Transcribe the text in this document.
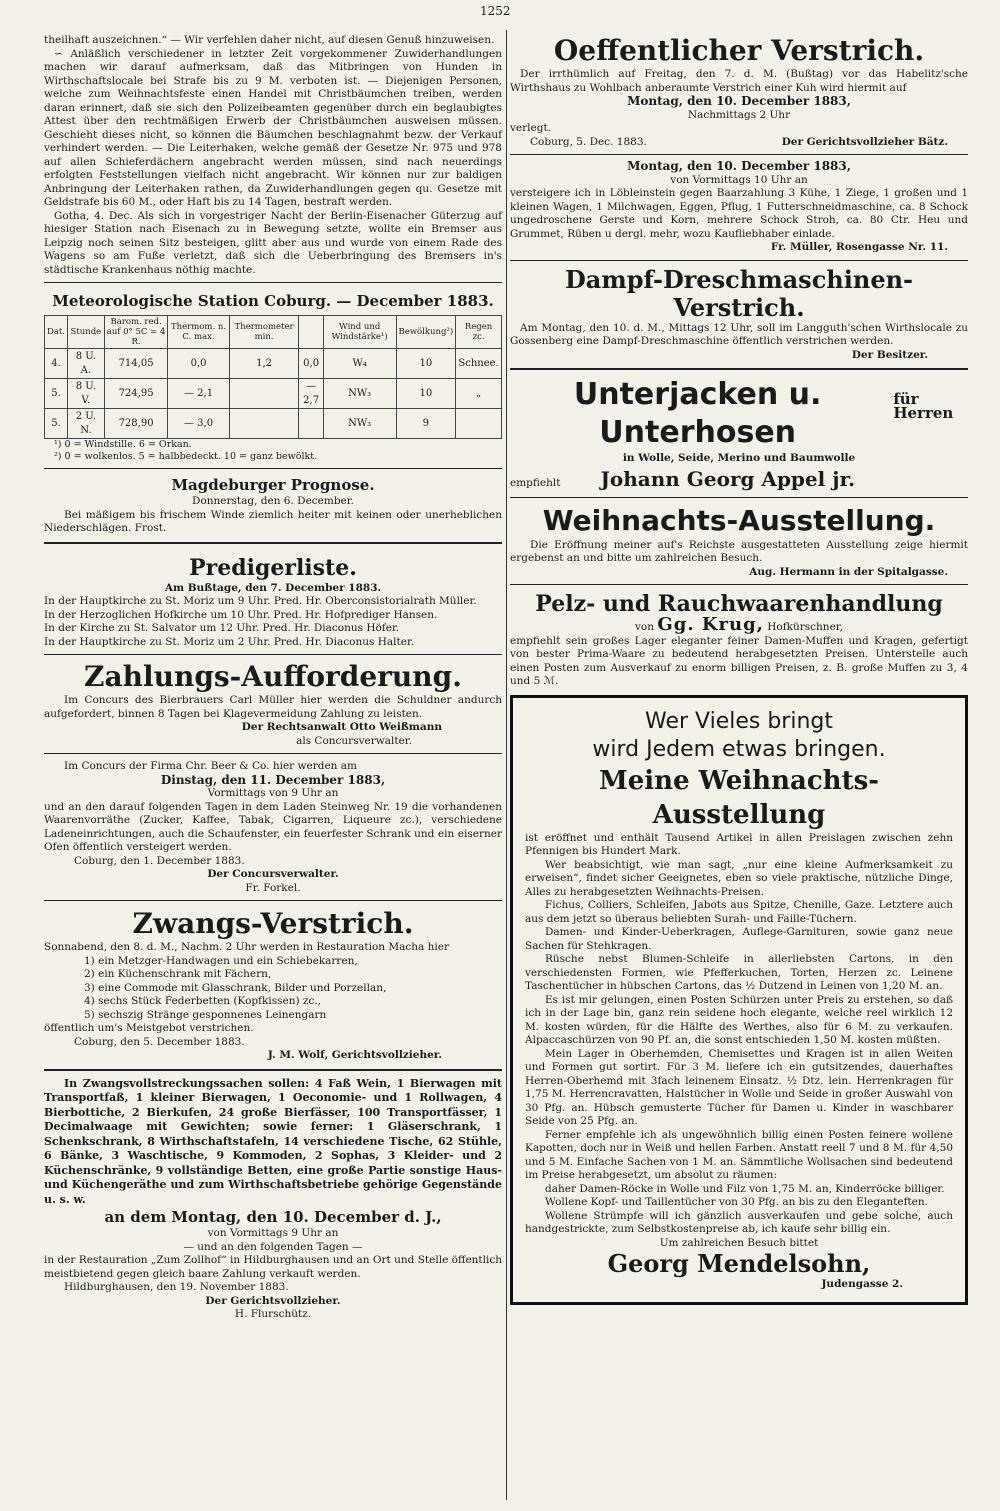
1252

theilhaft auszeichnen.“ — Wir verfehlen daher nicht, auf diesen Genuß hinzuweisen.

∽ Anläßlich verschiedener in letzter Zeit vorgekommener Zuwiderhandlungen machen wir darauf aufmerksam, daß das Mitbringen von Hunden in Wirthschaftslocale bei Strafe bis zu 9 M. verboten ist. — Diejenigen Personen, welche zum Weihnachtsfeste einen Handel mit Christbäumchen treiben, werden daran erinnert, daß sie sich den Polizeibeamten gegenüber durch ein beglaubigtes Attest über den rechtmäßigen Erwerb der Christbäumchen ausweisen müssen. Geschieht dieses nicht, so können die Bäumchen beschlagnahmt bezw. der Verkauf verhindert werden. — Die Leiterhaken, welche gemäß der Gesetze Nr. 975 und 978 auf allen Schieferdächern angebracht werden müssen, sind nach neuerdings erfolgten Feststellungen vielfach nicht angebracht. Wir können nur zur baldigen Anbringung der Leiterhaken rathen, da Zuwiderhandlungen gegen qu. Gesetze mit Geldstrafe bis 60 M., oder Haft bis zu 14 Tagen, bestraft werden.

Gotha, 4. Dec. Als sich in vorgestriger Nacht der Berlin-Eisenacher Güterzug auf hiesiger Station nach Eisenach zu in Bewegung setzte, wollte ein Bremser aus Leipzig noch seinen Sitz besteigen, glitt aber aus und wurde von einem Rade des Wagens so am Fuße verletzt, daß sich die Ueberbringung des Bremsers in's städtische Krankenhaus nöthig machte.

Meteorologische Station Coburg. — December 1883.
Dat.	Stunde	Barom. red. auf 0° 5C = 4 R.	Thermom. n. C. max.	Thermometer min.		Wind und Windstärke¹)	Bewölkung²)	Regen zc.
4.	8 U. A.	714,05	0,0	1,2	0,0	W₄	10	Schnee.
5.	8 U. V.	724,95	— 2,1		— 2,7	NW₃	10	„
5.	2 U. N.	728,90	— 3,0			NW₃	9	
¹) 0 = Windstille. 6 = Orkan.
²) 0 = wolkenlos. 5 = halbbedeckt. 10 = ganz bewölkt.
Magdeburger Prognose.
Donnerstag, den 6. December.

Bei mäßigem bis frischem Winde ziemlich heiter mit keinen oder unerheblichen Niederschlägen. Frost.

Predigerliste.
Am Bußtage, den 7. December 1883.

In der Hauptkirche zu St. Moriz um 9 Uhr. Pred. Hr. Oberconsistorialrath Müller.

In der Herzoglichen Hofkirche um 10 Uhr. Pred. Hr. Hofprediger Hansen.

In der Kirche zu St. Salvator um 12 Uhr. Pred. Hr. Diaconus Höfer.

In der Hauptkirche zu St. Moriz um 2 Uhr. Pred. Hr. Diaconus Halter.

Zahlungs-Aufforderung.

Im Concurs des Bierbrauers Carl Müller hier werden die Schuldner andurch aufgefordert, binnen 8 Tagen bei Klagevermeidung Zahlung zu leisten.

Der Rechtsanwalt Otto Weißmann
als Concursverwalter.

Im Concurs der Firma Chr. Beer & Co. hier werden am

Dinstag, den 11. December 1883,
Vormittags von 9 Uhr an

und an den darauf folgenden Tagen in dem Laden Steinweg Nr. 19 die vorhandenen Waarenvorräthe (Zucker, Kaffee, Tabak, Cigarren, Liqueure zc.), verschiedene Ladeneinrichtungen, auch die Schaufenster, ein feuerfester Schrank und ein eiserner Ofen öffentlich versteigert werden.

Coburg, den 1. December 1883.
Der Concursverwalter.
Fr. Forkel.
Zwangs-Verstrich.

Sonnabend, den 8. d. M., Nachm. 2 Uhr werden in Restauration Macha hier

1) ein Metzger-Handwagen und ein Schiebekarren,
2) ein Küchenschrank mit Fächern,
3) eine Commode mit Glasschrank, Bilder und Porzellan,
4) sechs Stück Federbetten (Kopfkissen) zc.,
5) sechszig Stränge gesponnenes Leinengarn
öffentlich um's Meistgebot verstrichen.
Coburg, den 5. December 1883.
J. M. Wolf, Gerichtsvollzieher.

In Zwangsvollstreckungssachen sollen: 4 Faß Wein, 1 Bierwagen mit Transportfaß, 1 kleiner Bierwagen, 1 Oeconomie- und 1 Rollwagen, 4 Bierbottiche, 2 Bierkufen, 24 große Bierfässer, 100 Transportfässer, 1 Decimalwaage mit Gewichten; sowie ferner: 1 Gläserschrank, 1 Schenkschrank, 8 Wirthschaftstafeln, 14 verschiedene Tische, 62 Stühle, 6 Bänke, 3 Waschtische, 9 Kommoden, 2 Sophas, 3 Kleider- und 2 Küchenschränke, 9 vollständige Betten, eine große Partie sonstige Haus- und Küchengeräthe und zum Wirthschaftsbetriebe gehörige Gegenstände u. s. w.

an dem Montag, den 10. December d. J.,
von Vormittags 9 Uhr an
— und an den folgenden Tagen —

in der Restauration „Zum Zollhof“ in Hildburghausen und an Ort und Stelle öffentlich meistbietend gegen gleich baare Zahlung verkauft werden.

Hildburghausen, den 19. November 1883.
Der Gerichtsvollzieher.
H. Flurschütz.
Oeffentlicher Verstrich.

Der irrthümlich auf Freitag, den 7. d. M. (Bußtag) vor das Habelitz'sche Wirthshaus zu Wohlbach anberaumte Verstrich einer Kuh wird hiermit auf

Montag, den 10. December 1883,
Nachmittags 2 Uhr
verlegt.
Coburg, 5. Dec. 1883.	Der Gerichtsvollzieher Bätz.
Montag, den 10. December 1883,
von Vormittags 10 Uhr an

versteigere ich in Löbleinstein gegen Baarzahlung 3 Kühe, 1 Ziege, 1 großen und 1 kleinen Wagen, 1 Milchwagen, Eggen, Pflug, 1 Futterschneidmaschine, ca. 8 Schock ungedroschene Gerste und Korn, mehrere Schock Stroh, ca. 80 Ctr. Heu und Grummet, Rüben u dergl. mehr, wozu Kaufliebhaber einlade.

Fr. Müller, Rosengasse Nr. 11.
Dampf-Dreschmaschinen-Verstrich.

Am Montag, den 10. d. M., Mittags 12 Uhr, soll im Langguth'schen Wirthslocale zu Gossenberg eine Dampf-Dreschmaschine öffentlich verstrichen werden.

Der Besitzer.
Unterjacken u. Unterhosen
für Herren
in Wolle, Seide, Merino und Baumwolle
empfiehlt Johann Georg Appel jr.
Weihnachts-Ausstellung.

Die Eröffnung meiner auf's Reichste ausgestatteten Ausstellung zeige hiermit ergebenst an und bitte um zahlreichen Besuch.

Aug. Hermann in der Spitalgasse.
Pelz- und Rauchwaarenhandlung
von Gg. Krug, Hofkürschner,

empfiehlt sein großes Lager eleganter feiner Damen-Muffen und Kragen, gefertigt von bester Prima-Waare zu bedeutend herabgesetzten Preisen. Unterstelle auch einen Posten zum Ausverkauf zu enorm billigen Preisen, z. B. große Muffen zu 3, 4 und 5 ℳ.

Wer Vieles bringt
wird Jedem etwas bringen.
Meine Weihnachts-Ausstellung

ist eröffnet und enthält Tausend Artikel in allen Preislagen zwischen zehn Pfennigen bis Hundert Mark.

Wer beabsichtigt, wie man sagt, „nur eine kleine Aufmerksamkeit zu erweisen“, findet sicher Geeignetes, eben so viele praktische, nützliche Dinge, Alles zu herabgesetzten Weihnachts-Preisen.

Fichus, Colliers, Schleifen, Jabots aus Spitze, Chenille, Gaze. Letztere auch aus dem jetzt so überaus beliebten Surah- und Faille-Tüchern.

Damen- und Kinder-Ueberkragen, Auflege-Garnituren, sowie ganz neue Sachen für Stehkragen.

Rüsche nebst Blumen-Schleife in allerliebsten Cartons, in den verschiedensten Formen, wie Pfefferkuchen, Torten, Herzen zc. Leinene Taschentücher in hübschen Cartons, das ½ Dutzend in Leinen von 1,20 M. an.

Es ist mir gelungen, einen Posten Schürzen unter Preis zu erstehen, so daß ich in der Lage bin, ganz rein seidene hoch elegante, welche reel wirklich 12 M. kosten würden, für die Hälfte des Werthes, also für 6 M. zu verkaufen. Alpaccaschürzen von 90 Pf. an, die sonst entschieden 1,50 M. kosten müßten.

Mein Lager in Oberhemden, Chemisettes und Kragen ist in allen Weiten und Formen gut sortirt. Für 3 M. liefere ich ein gutsitzendes, dauerhaftes Herren-Oberhemd mit 3fach leinenem Einsatz. ½ Dtz. lein. Herrenkragen für 1,75 M. Herrencravatten, Halstücher in Wolle und Seide in großer Auswahl von 30 Pfg. an. Hübsch gemusterte Tücher für Damen u. Kinder in waschbarer Seide von 25 Pfg. an.

Ferner empfehle ich als ungewöhnlich billig einen Posten feinere wollene Kapotten, doch nur in Weiß und hellen Farben. Anstatt reell 7 und 8 M. für 4,50 und 5 M. Einfache Sachen von 1 M. an. Sämmtliche Wollsachen sind bedeutend im Preise herabgesetzt, um absolut zu räumen:

daher Damen-Röcke in Wolle und Filz von 1,75 M. an, Kinderröcke billiger.

Wollene Kopf- und Taillentücher von 30 Pfg. an bis zu den Eleganteften.

Wollene Strümpfe will ich gänzlich ausverkaufen und gebe solche, auch handgestrickte, zum Selbstkostenpreise ab, ich kaufe sehr billig ein.

Um zahlreichen Besuch bittet
Georg Mendelsohn,
Judengasse 2.
